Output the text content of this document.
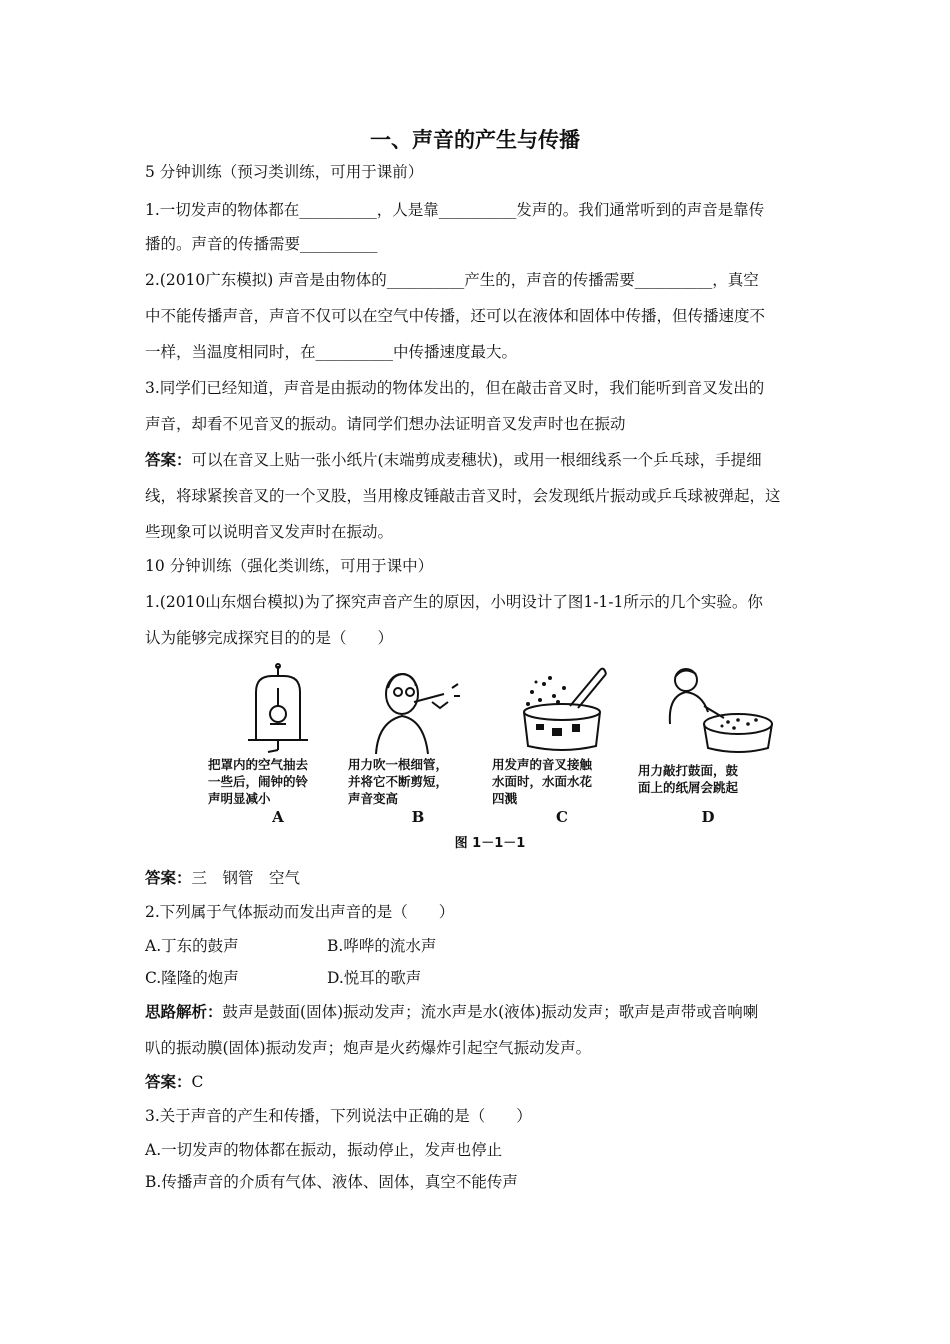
一、声音的产生与传播
5 分钟训练（预习类训练，可用于课前）
1.一切发声的物体都在__________，人是靠__________发声的。我们通常听到的声音是靠传
播的。声音的传播需要__________
2.(2010广东模拟) 声音是由物体的__________产生的，声音的传播需要__________，真空
中不能传播声音，声音不仅可以在空气中传播，还可以在液体和固体中传播，但传播速度不
一样，当温度相同时，在__________中传播速度最大。
3.同学们已经知道，声音是由振动的物体发出的，但在敲击音叉时，我们能听到音叉发出的
声音，却看不见音叉的振动。请同学们想办法证明音叉发声时也在振动
答案：可以在音叉上贴一张小纸片(末端剪成麦穗状)，或用一根细线系一个乒乓球，手提细
线，将球紧挨音叉的一个叉股，当用橡皮锤敲击音叉时，会发现纸片振动或乒乓球被弹起，这
些现象可以说明音叉发声时在振动。
10 分钟训练（强化类训练，可用于课中）
1.(2010山东烟台模拟)为了探究声音产生的原因，小明设计了图1-1-1所示的几个实验。你
认为能够完成探究目的的是（　　）
把罩内的空气抽去
一些后，闹钟的铃
声明显减小
A
用力吹一根细管，
并将它不断剪短，
声音变高
B
用发声的音叉接触
水面时，水面水花
四溅
C
用力敲打鼓面，鼓
面上的纸屑会跳起
D
图 1－1－1
答案：三　钢管　空气
2.下列属于气体振动而发出声音的是（　　）
A.丁东的鼓声	B.哗哗的流水声
C.隆隆的炮声	D.悦耳的歌声
思路解析：鼓声是鼓面(固体)振动发声；流水声是水(液体)振动发声；歌声是声带或音响喇
叭的振动膜(固体)振动发声；炮声是火药爆炸引起空气振动发声。
答案：C
3.关于声音的产生和传播，下列说法中正确的是（　　）
A.一切发声的物体都在振动，振动停止，发声也停止
B.传播声音的介质有气体、液体、固体，真空不能传声
